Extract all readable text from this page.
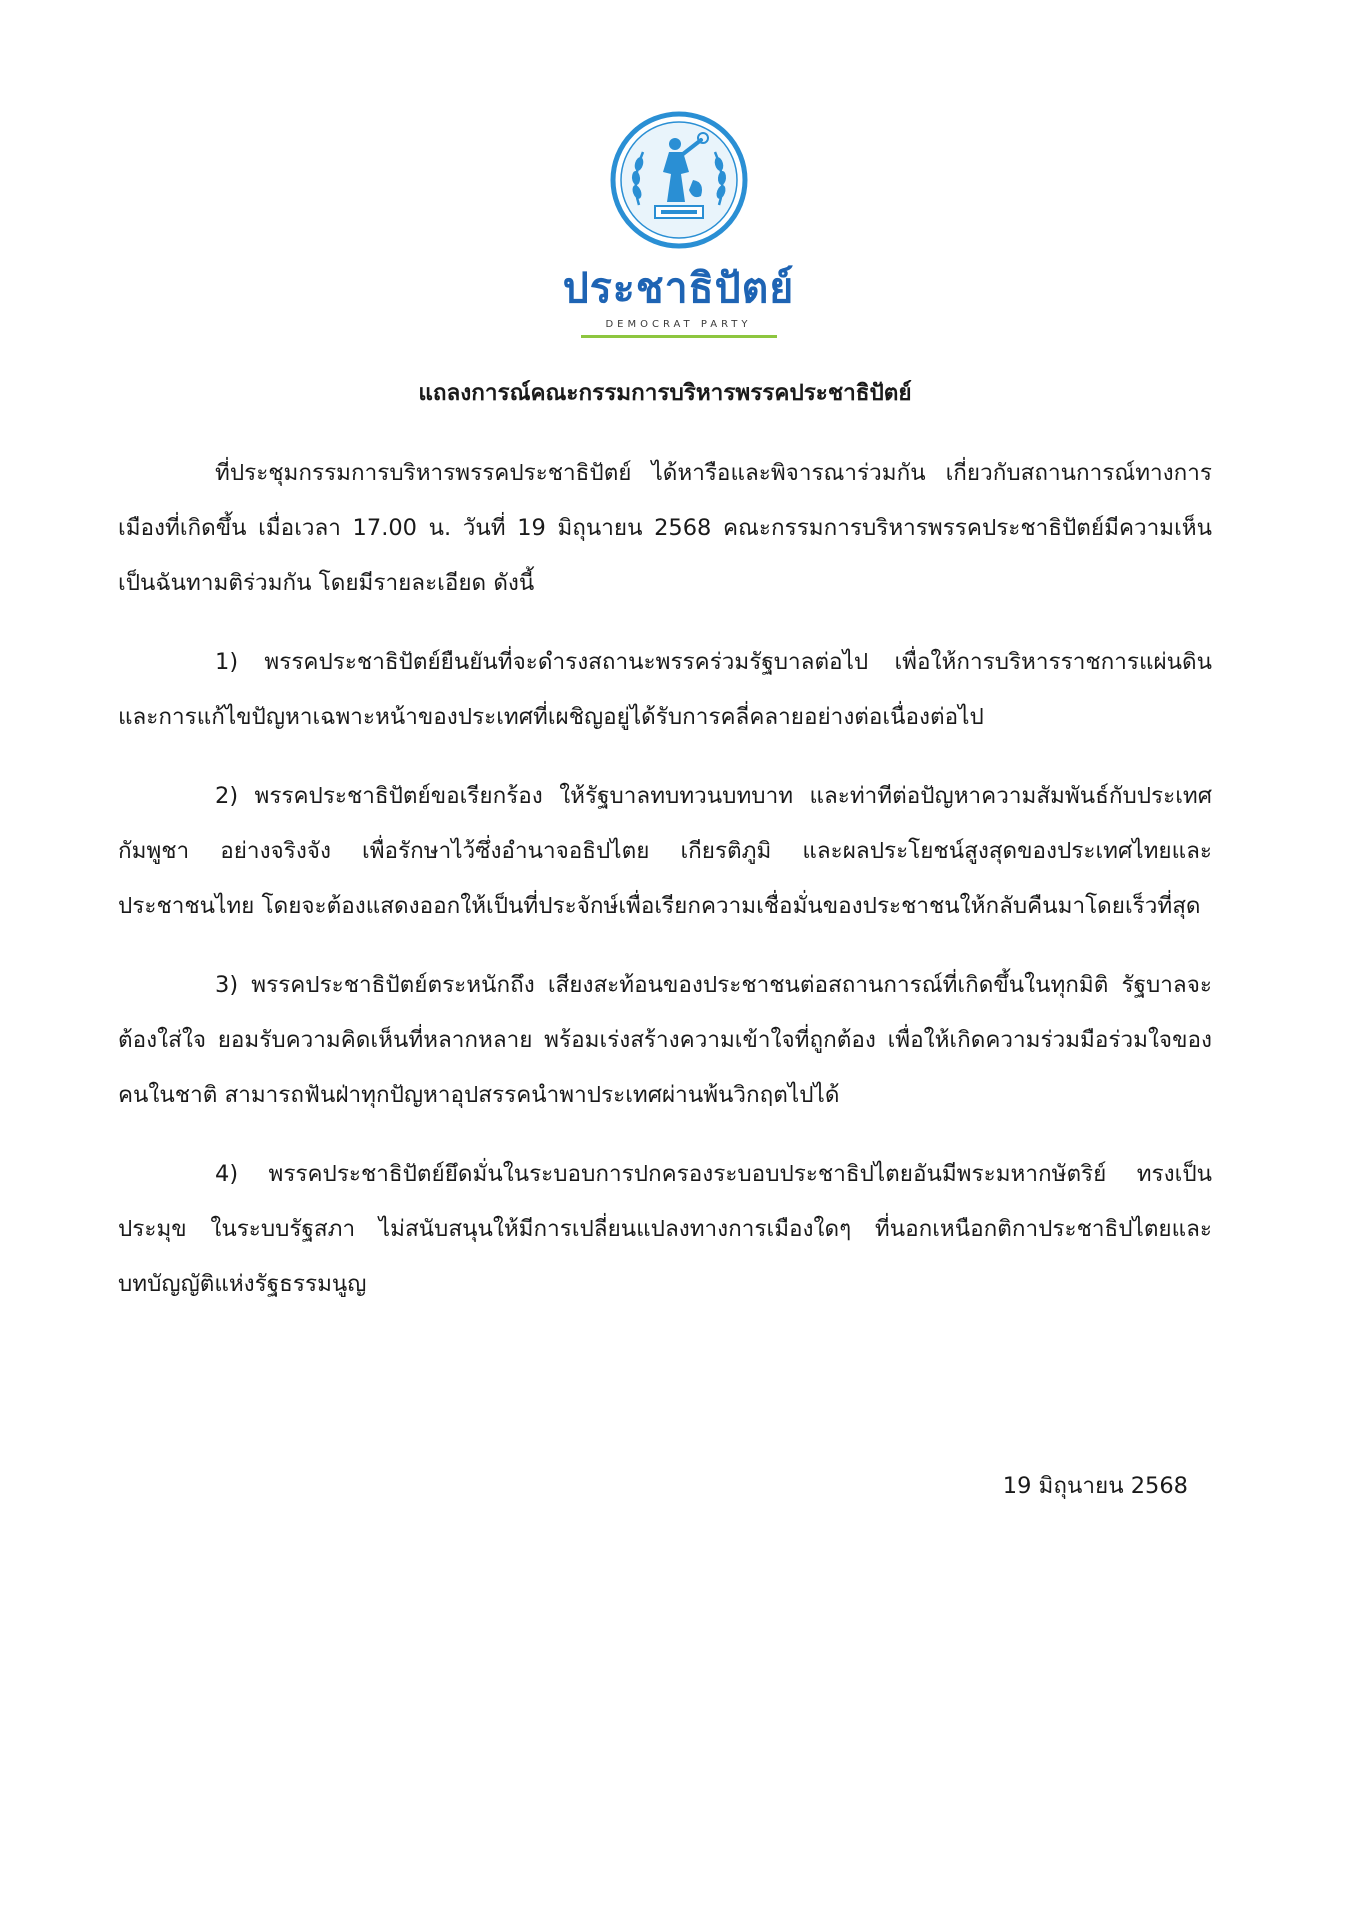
ประชาธิปัตย์
DEMOCRAT PARTY
แถลงการณ์คณะกรรมการบริหารพรรคประชาธิปัตย์

ที่ประชุมกรรมการบริหารพรรคประชาธิปัตย์ ได้หารือและพิจารณาร่วมกัน เกี่ยวกับสถานการณ์ทางการเมืองที่เกิดขึ้น เมื่อเวลา 17.00 น. วันที่ 19 มิถุนายน 2568 คณะกรรมการบริหารพรรคประชาธิปัตย์มีความเห็นเป็นฉันทามติร่วมกัน โดยมีรายละเอียด ดังนี้

1) พรรคประชาธิปัตย์ยืนยันที่จะดำรงสถานะพรรคร่วมรัฐบาลต่อไป เพื่อให้การบริหารราชการแผ่นดินและการแก้ไขปัญหาเฉพาะหน้าของประเทศที่เผชิญอยู่ได้รับการคลี่คลายอย่างต่อเนื่องต่อไป

2) พรรคประชาธิปัตย์ขอเรียกร้อง ให้รัฐบาลทบทวนบทบาท และท่าทีต่อปัญหาความสัมพันธ์กับประเทศกัมพูชา อย่างจริงจัง เพื่อรักษาไว้ซึ่งอำนาจอธิปไตย เกียรติภูมิ และผลประโยชน์สูงสุดของประเทศไทยและประชาชนไทย โดยจะต้องแสดงออกให้เป็นที่ประจักษ์เพื่อเรียกความเชื่อมั่นของประชาชนให้กลับคืนมาโดยเร็วที่สุด

3) พรรคประชาธิปัตย์ตระหนักถึง เสียงสะท้อนของประชาชนต่อสถานการณ์ที่เกิดขึ้นในทุกมิติ รัฐบาลจะต้องใส่ใจ ยอมรับความคิดเห็นที่หลากหลาย พร้อมเร่งสร้างความเข้าใจที่ถูกต้อง เพื่อให้เกิดความร่วมมือร่วมใจของคนในชาติ สามารถฟันฝ่าทุกปัญหาอุปสรรคนำพาประเทศผ่านพ้นวิกฤตไปได้

4) พรรคประชาธิปัตย์ยึดมั่นในระบอบการปกครองระบอบประชาธิปไตยอันมีพระมหากษัตริย์ ทรงเป็นประมุข ในระบบรัฐสภา ไม่สนับสนุนให้มีการเปลี่ยนแปลงทางการเมืองใดๆ ที่นอกเหนือกติกาประชาธิปไตยและบทบัญญัติแห่งรัฐธรรมนูญ

19 มิถุนายน 2568
